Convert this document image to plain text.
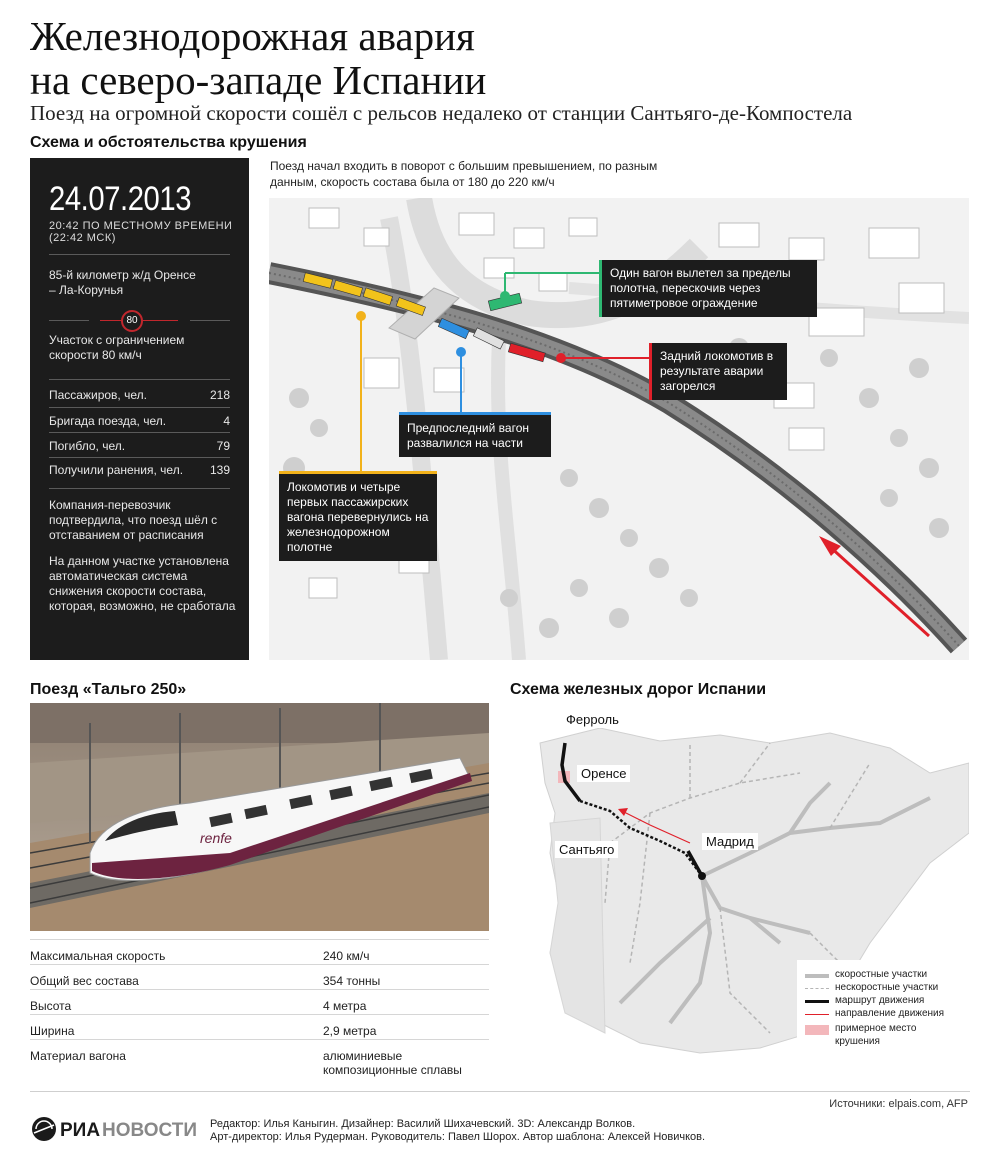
Железнодорожная авария
на северо-западе Испании
Поезд на огромной скорости сошёл с рельсов недалеко от станции Сантьяго-де-Компостела
Схема и обстоятельства крушения
24.07.2013
20:42 ПО МЕСТНОМУ ВРЕМЕНИ (22:42 МСК)
85-й километр ж/д Оренсе – Ла-Корунья
80
Участок с ограничением скорости 80 км/ч
Пассажиров, чел.	218
Бригада поезда, чел.	4
Погибло, чел.	79
Получили ранения, чел. 139
Компания-перевозчик подтвердила, что поезд шёл с отставанием от расписания
На данном участке установлена автоматическая система снижения скорости состава, которая, возможно, не сработала
Поезд начал входить в поворот с большим превышением, по разным данным, скорость состава была от 180 до 220 км/ч
Один вагон вылетел за пределы полотна, перескочив через пятиметровое ограждение
Задний локомотив в результате аварии загорелся
Предпоследний вагон развалился на части
Локомотив и четыре первых пассажирских вагона перевернулись на железнодорожном полотне
Поезд «Тальго 250»
renfe
Максимальная скорость	240 км/ч
Общий вес состава	354 тонны
Высота	4 метра
Ширина	2,9 метра
Материал вагона	алюминиевые композиционные сплавы
Схема железных дорог Испании
Ферроль
Оренсе
Сантьяго
Мадрид
скоростные участки
нескоростные участки
маршрут движения
направление движения
примерное место крушения
Источники: elpais.com, AFP
РИА НОВОСТИ Редактор: Илья Каныгин. Дизайнер: Василий Шихачевский. 3D: Александр Волков.
Арт-директор: Илья Рудерман. Руководитель: Павел Шорох. Автор шаблона: Алексей Новичков.
